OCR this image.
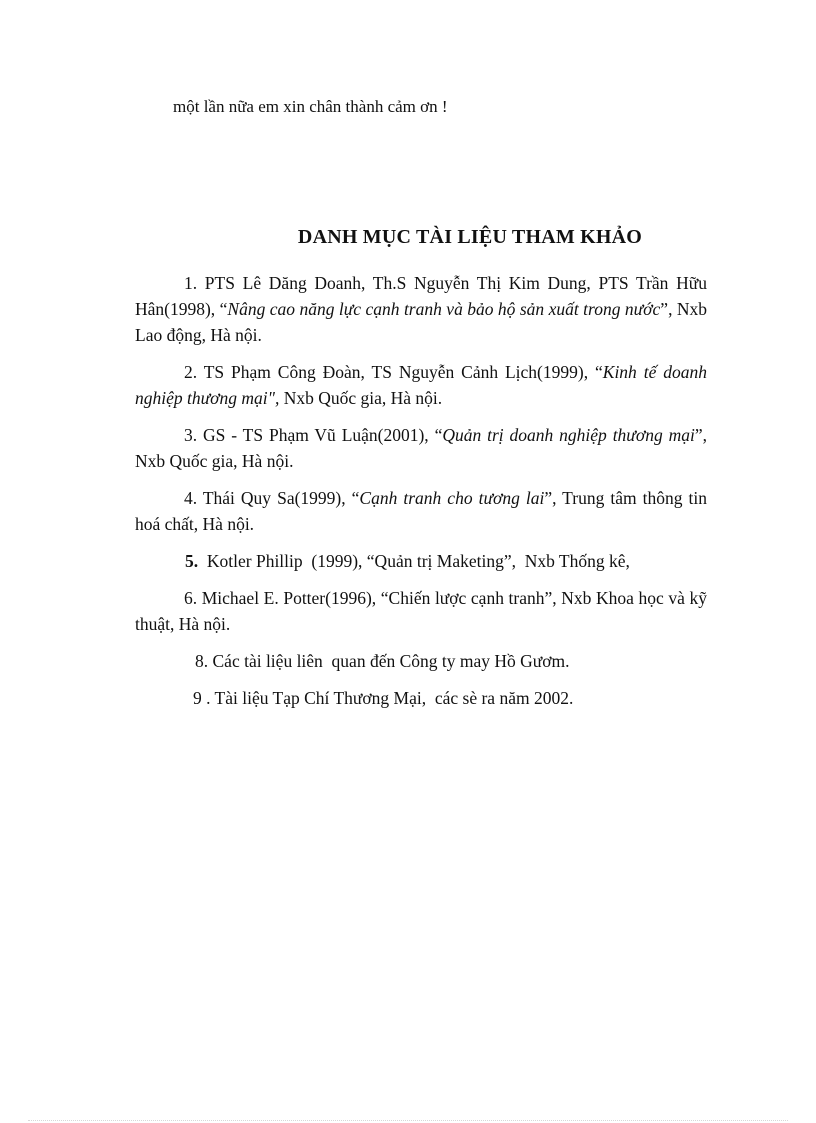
một lần nữa em xin chân thành cảm ơn !

DANH MỤC TÀI LIỆU THAM KHẢO
1. PTS Lê Dăng Doanh, Th.S Nguyễn Thị Kim Dung, PTS Trần Hữu Hân(1998), “Nâng cao năng lực cạnh tranh và bảo hộ sản xuất trong nước”, Nxb Lao động, Hà nội.
2. TS Phạm Công Đoàn, TS Nguyễn Cảnh Lịch(1999), “Kinh tế doanh nghiệp thương mại", Nxb Quốc gia, Hà nội.
3. GS - TS Phạm Vũ Luận(2001), “Quản trị doanh nghiệp thương mại”, Nxb Quốc gia, Hà nội.
4. Thái Quy Sa(1999), “Cạnh tranh cho tương lai”, Trung tâm thông tin hoá chất, Hà nội.
5.  Kotler Phillip  (1999), “Quản trị Maketing”,  Nxb Thống kê,
6. Michael E. Potter(1996), “Chiến lược cạnh tranh”, Nxb Khoa học và kỹ thuật, Hà nội.
8. Các tài liệu liên  quan đến Công ty may Hồ Gươm.
9 . Tài liệu Tạp Chí Thương Mại,  các sè ra năm 2002.
